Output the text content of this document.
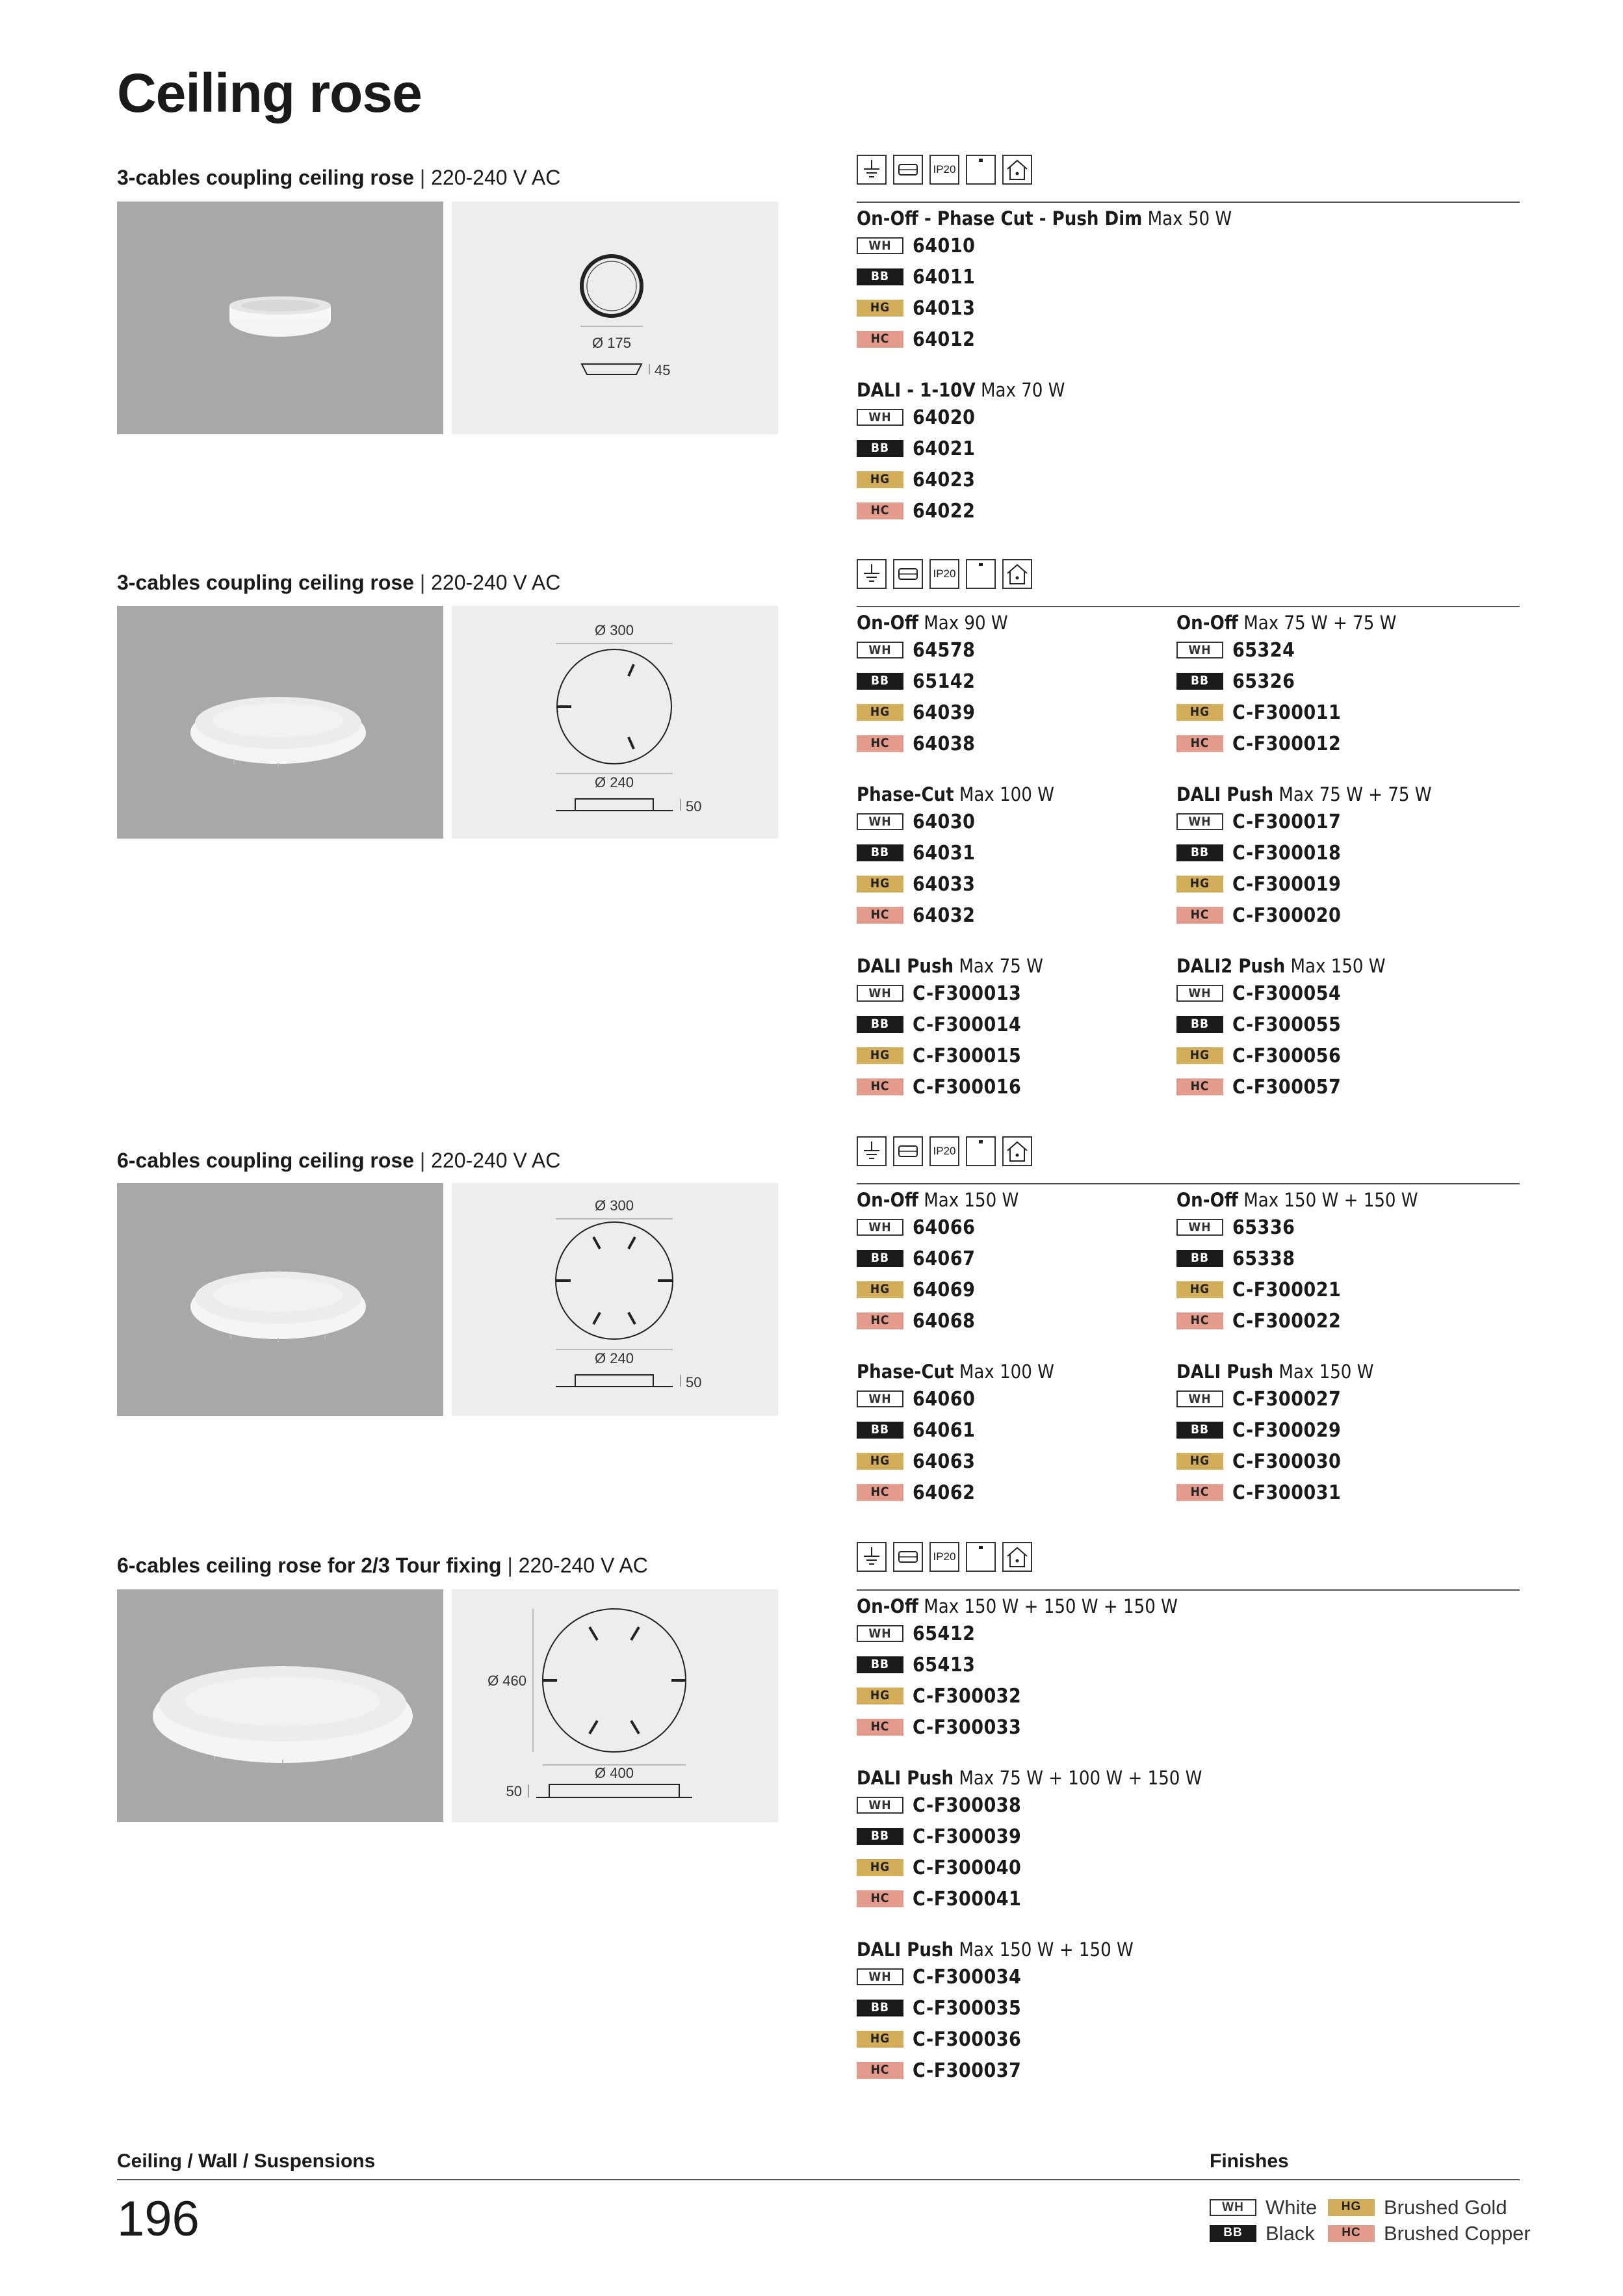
Ceiling rose
3-cables coupling ceiling rose | 220-240 V AC
Ø 175
45
IP20
On-Off - Phase Cut - Push Dim Max 50 W
WH	64010
BB	64011
HG	64013
HC	64012
DALI - 1-10V Max 70 W
WH	64020
BB	64021
HG	64023
HC	64022
3-cables coupling ceiling rose | 220-240 V AC
Ø 300
Ø 240
50
IP20
On-Off Max 90 W
WH	64578
BB	65142
HG	64039
HC	64038
Phase-Cut Max 100 W
WH	64030
BB	64031
HG	64033
HC	64032
DALI Push Max 75 W
WH	C-F300013
BB	C-F300014
HG	C-F300015
HC	C-F300016
On-Off Max 75 W + 75 W
WH	65324
BB	65326
HG	C-F300011
HC	C-F300012
DALI Push Max 75 W + 75 W
WH	C-F300017
BB	C-F300018
HG	C-F300019
HC	C-F300020
DALI2 Push Max 150 W
WH	C-F300054
BB	C-F300055
HG	C-F300056
HC	C-F300057
6-cables coupling ceiling rose | 220-240 V AC
Ø 300
Ø 240
50
IP20
On-Off Max 150 W
WH	64066
BB	64067
HG	64069
HC	64068
Phase-Cut Max 100 W
WH	64060
BB	64061
HG	64063
HC	64062
On-Off Max 150 W + 150 W
WH	65336
BB	65338
HG	C-F300021
HC	C-F300022
DALI Push Max 150 W
WH	C-F300027
BB	C-F300029
HG	C-F300030
HC	C-F300031
6-cables ceiling rose for 2/3 Tour fixing | 220-240 V AC
Ø 460
Ø 400
50
IP20
On-Off Max 150 W + 150 W + 150 W
WH	65412
BB	65413
HG	C-F300032
HC	C-F300033
DALI Push Max 75 W + 100 W + 150 W
WH	C-F300038
BB	C-F300039
HG	C-F300040
HC	C-F300041
DALI Push Max 150 W + 150 W
WH	C-F300034
BB	C-F300035
HG	C-F300036
HC	C-F300037
Ceiling / Wall / Suspensions	Finishes
196	WH	White
BB	Black
HG	Brushed Gold
HC	Brushed Copper
